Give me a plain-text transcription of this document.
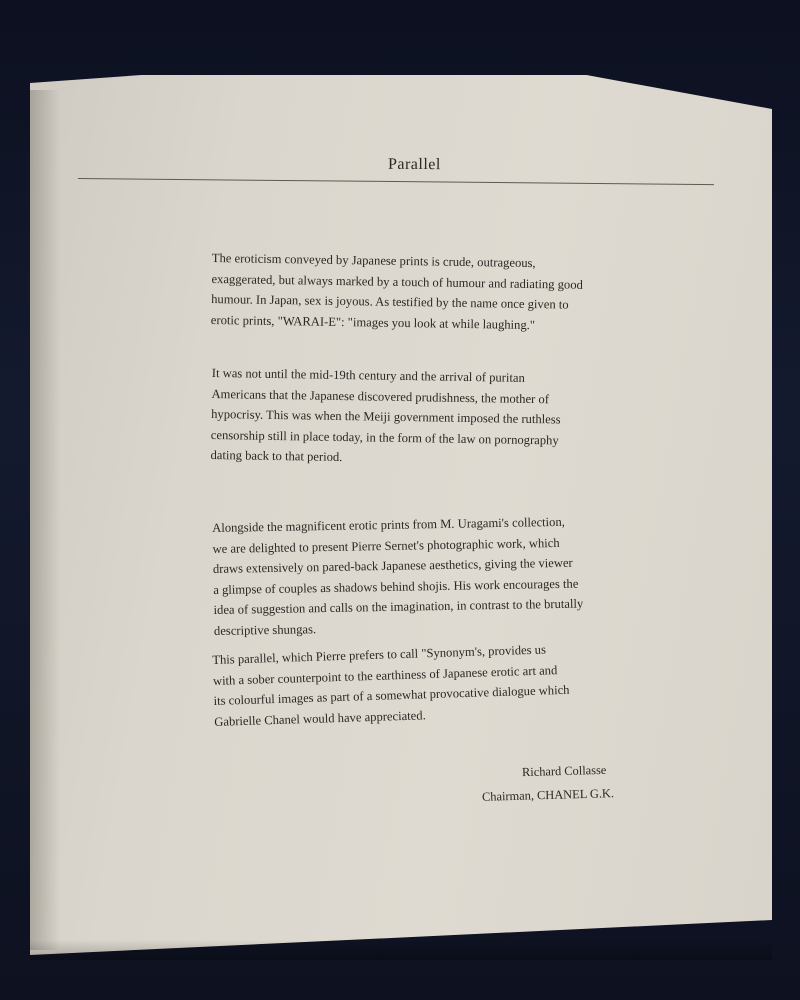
Parallel
The eroticism conveyed by Japanese prints is crude, outrageous,
exaggerated, but always marked by a touch of humour and radiating good
humour. In Japan, sex is joyous. As testified by the name once given to
erotic prints, "WARAI-E": "images you look at while laughing."
It was not until the mid-19th century and the arrival of puritan
Americans that the Japanese discovered prudishness, the mother of
hypocrisy. This was when the Meiji government imposed the ruthless
censorship still in place today, in the form of the law on pornography
dating back to that period.
Alongside the magnificent erotic prints from M. Uragami's collection,
we are delighted to present Pierre Sernet's photographic work, which
draws extensively on pared-back Japanese aesthetics, giving the viewer
a glimpse of couples as shadows behind shojis. His work encourages the
idea of suggestion and calls on the imagination, in contrast to the brutally
descriptive shungas.
This parallel, which Pierre prefers to call "Synonym's, provides us
with a sober counterpoint to the earthiness of Japanese erotic art and
its colourful images as part of a somewhat provocative dialogue which
Gabrielle Chanel would have appreciated.
Richard Collasse
Chairman, CHANEL G.K.
